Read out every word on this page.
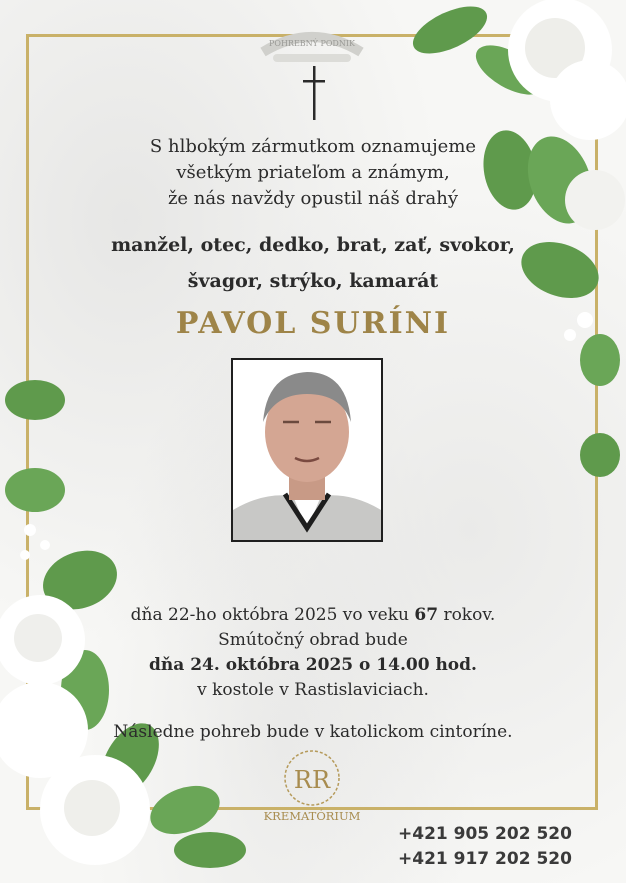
POHREBNÝ PODNIK
S hlbokým zármutkom oznamujeme
všetkým priateľom a známym,
že nás navždy opustil náš drahý
manžel, otec, dedko, brat, zať, svokor,
švagor, strýko, kamarát
PAVOL SURÍNI
dňa 22-ho októbra 2025 vo veku 67 rokov.
Smútočný obrad bude
dňa 24. októbra 2025 o 14.00 hod.
v kostole v Rastislaviciach.
Následne pohreb bude v katolickom cintoríne.
RR
KREMATÓRIUM
+421 905 202 520
+421 917 202 520
